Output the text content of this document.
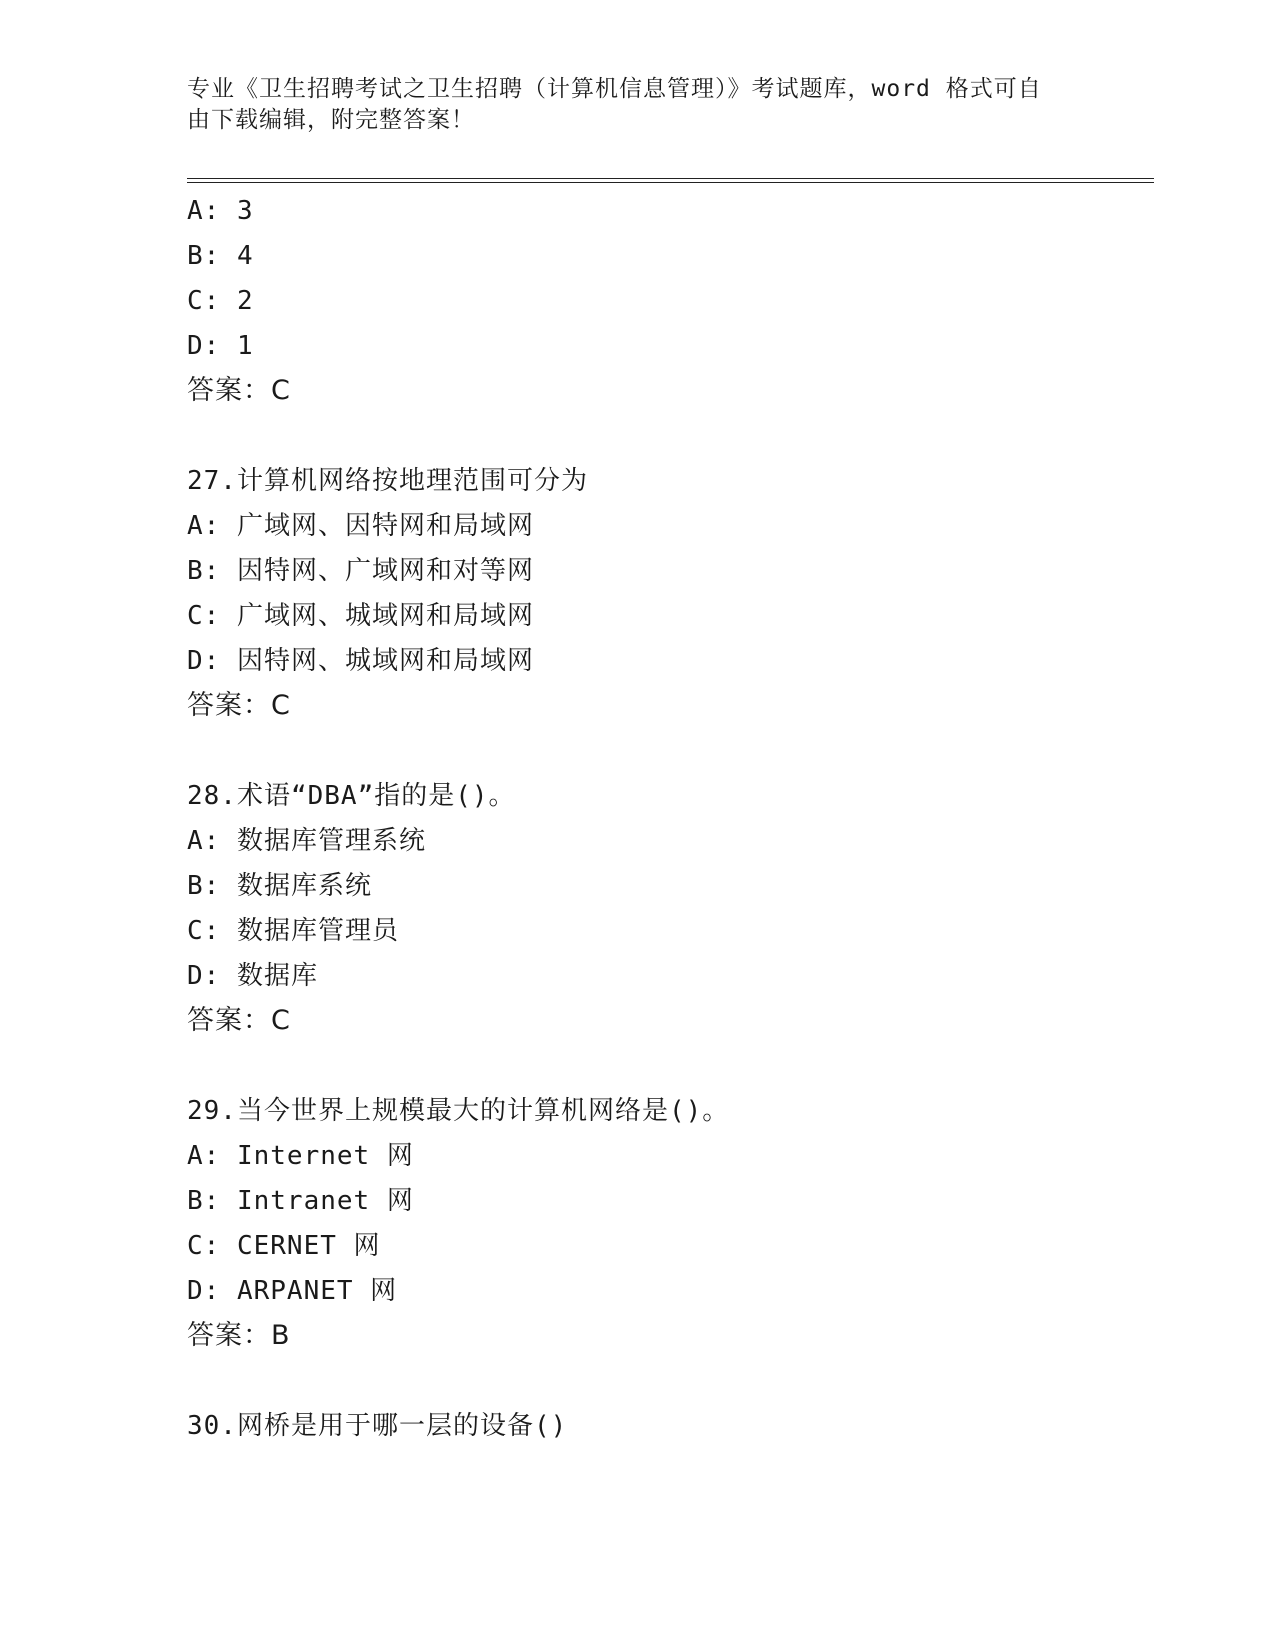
专业《卫生招聘考试之卫生招聘（计算机信息管理）》考试题库，word 格式可自
由下载编辑，附完整答案！
A: 3
B: 4
C: 2
D: 1
答案：C
27.计算机网络按地理范围可分为
A: 广域网、因特网和局域网
B: 因特网、广域网和对等网
C: 广域网、城域网和局域网
D: 因特网、城域网和局域网
答案：C
28.术语“DBA”指的是()。
A: 数据库管理系统
B: 数据库系统
C: 数据库管理员
D: 数据库
答案：C
29.当今世界上规模最大的计算机网络是()。
A: Internet 网
B: Intranet 网
C: CERNET 网
D: ARPANET 网
答案：B
30.网桥是用于哪一层的设备()
